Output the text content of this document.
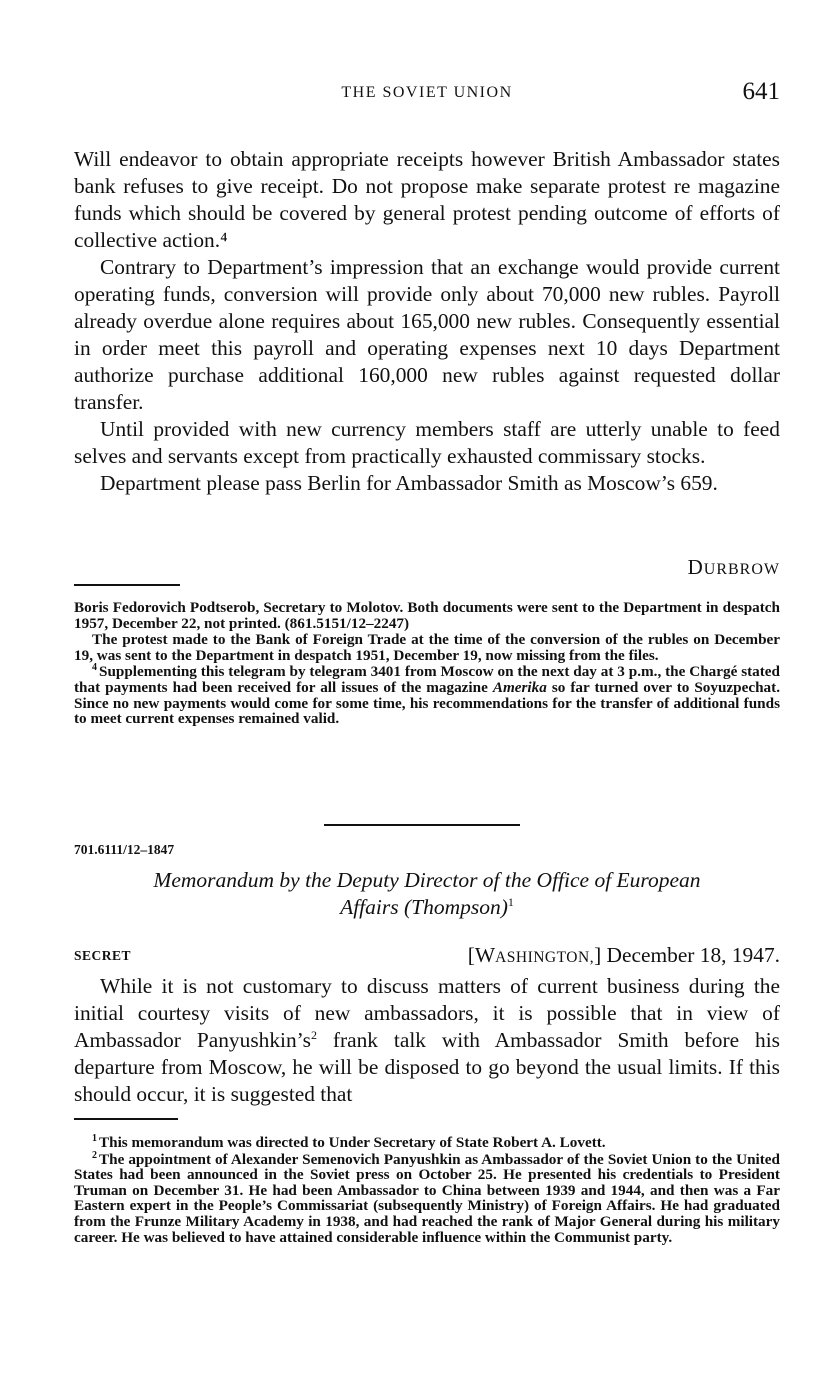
THE SOVIET UNION	641

Will endeavor to obtain appropriate receipts however British Ambassador states bank refuses to give receipt. Do not propose make separate protest re magazine funds which should be covered by general protest pending outcome of efforts of collective action.⁴

Contrary to Department’s impression that an exchange would provide current operating funds, conversion will provide only about 70,000 new rubles. Payroll already overdue alone requires about 165,000 new rubles. Consequently essential in order meet this payroll and operating expenses next 10 days Department authorize purchase additional 160,000 new rubles against requested dollar transfer.

Until provided with new currency members staff are utterly unable to feed selves and servants except from practically exhausted commissary stocks.

Department please pass Berlin for Ambassador Smith as Moscow’s 659.

DURBROW

Boris Fedorovich Podtserob, Secretary to Molotov. Both documents were sent to the Department in despatch 1957, December 22, not printed. (861.5151/12–2247)

The protest made to the Bank of Foreign Trade at the time of the conversion of the rubles on December 19, was sent to the Department in despatch 1951, December 19, now missing from the files.

$^4$ Supplementing this telegram by telegram 3401 from Moscow on the next day at 3 p.m., the Chargé stated that payments had been received for all issues of the magazine Amerika so far turned over to Soyuzpechat. Since no new payments would come for some time, his recommendations for the transfer of additional funds to meet current expenses remained valid.

701.6111/12–1847
Memorandum by the Deputy Director of the Office of European
Affairs (Thompson)$^1$
SECRET	[WASHINGTON,] December 18, 1947.

While it is not customary to discuss matters of current business during the initial courtesy visits of new ambassadors, it is possible that in view of Ambassador $Panyushkin’s^2$ frank talk with Ambassador Smith before his departure from Moscow, he will be disposed to go beyond the usual limits. If this should occur, it is suggested that

$^1$ This memorandum was directed to Under Secretary of State Robert A. Lovett.

$^2$ The appointment of Alexander Semenovich Panyushkin as Ambassador of the Soviet Union to the United States had been announced in the Soviet press on October 25. He presented his credentials to President Truman on December 31. He had been Ambassador to China between 1939 and 1944, and then was a Far Eastern expert in the People’s Commissariat (subsequently Ministry) of Foreign Affairs. He had graduated from the Frunze Military Academy in 1938, and had reached the rank of Major General during his military career. He was believed to have attained considerable influence within the Communist party.
